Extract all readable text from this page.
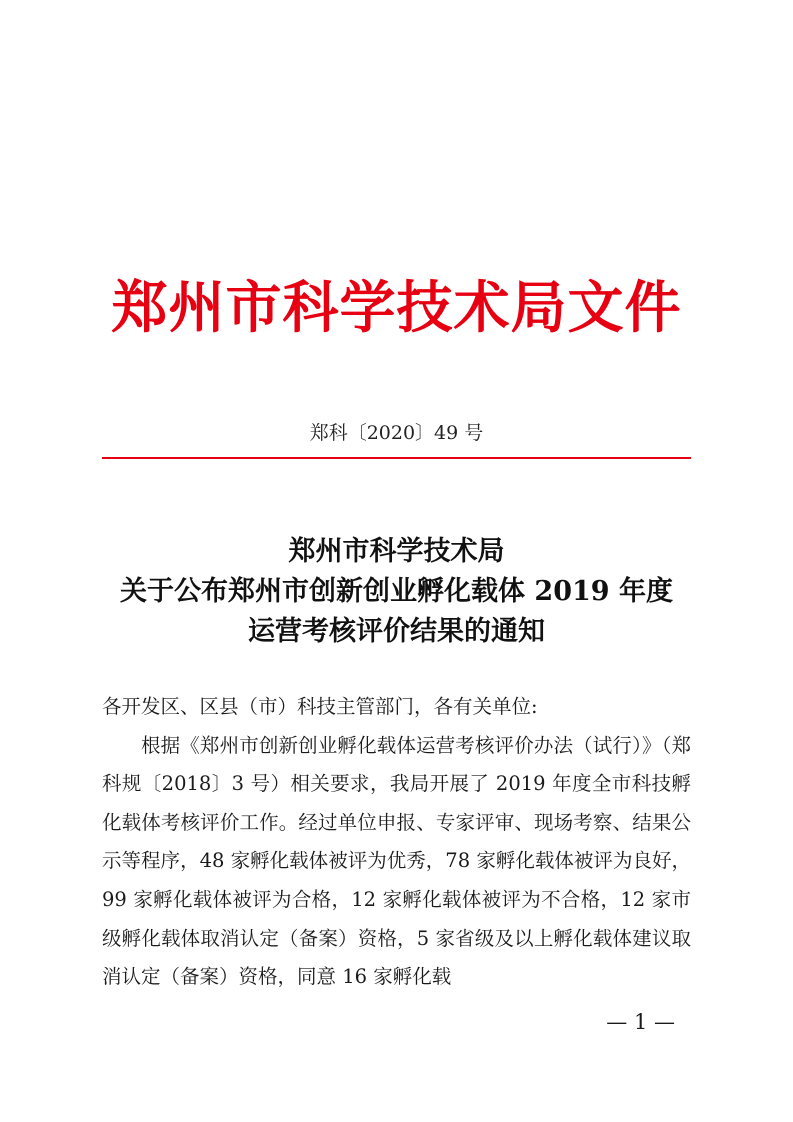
郑州市科学技术局文件
郑科〔2020〕49 号
郑州市科学技术局
关于公布郑州市创新创业孵化载体 2019 年度
运营考核评价结果的通知

各开发区、区县（市）科技主管部门，各有关单位:

根据《郑州市创新创业孵化载体运营考核评价办法（试行）》（郑科规〔2018〕3 号）相关要求，我局开展了 2019 年度全市科技孵化载体考核评价工作。经过单位申报、专家评审、现场考察、结果公示等程序，48 家孵化载体被评为优秀，78 家孵化载体被评为良好，99 家孵化载体被评为合格，12 家孵化载体被评为不合格，12 家市级孵化载体取消认定（备案）资格，5 家省级及以上孵化载体建议取消认定（备案）资格，同意 16 家孵化载

— 1 —
